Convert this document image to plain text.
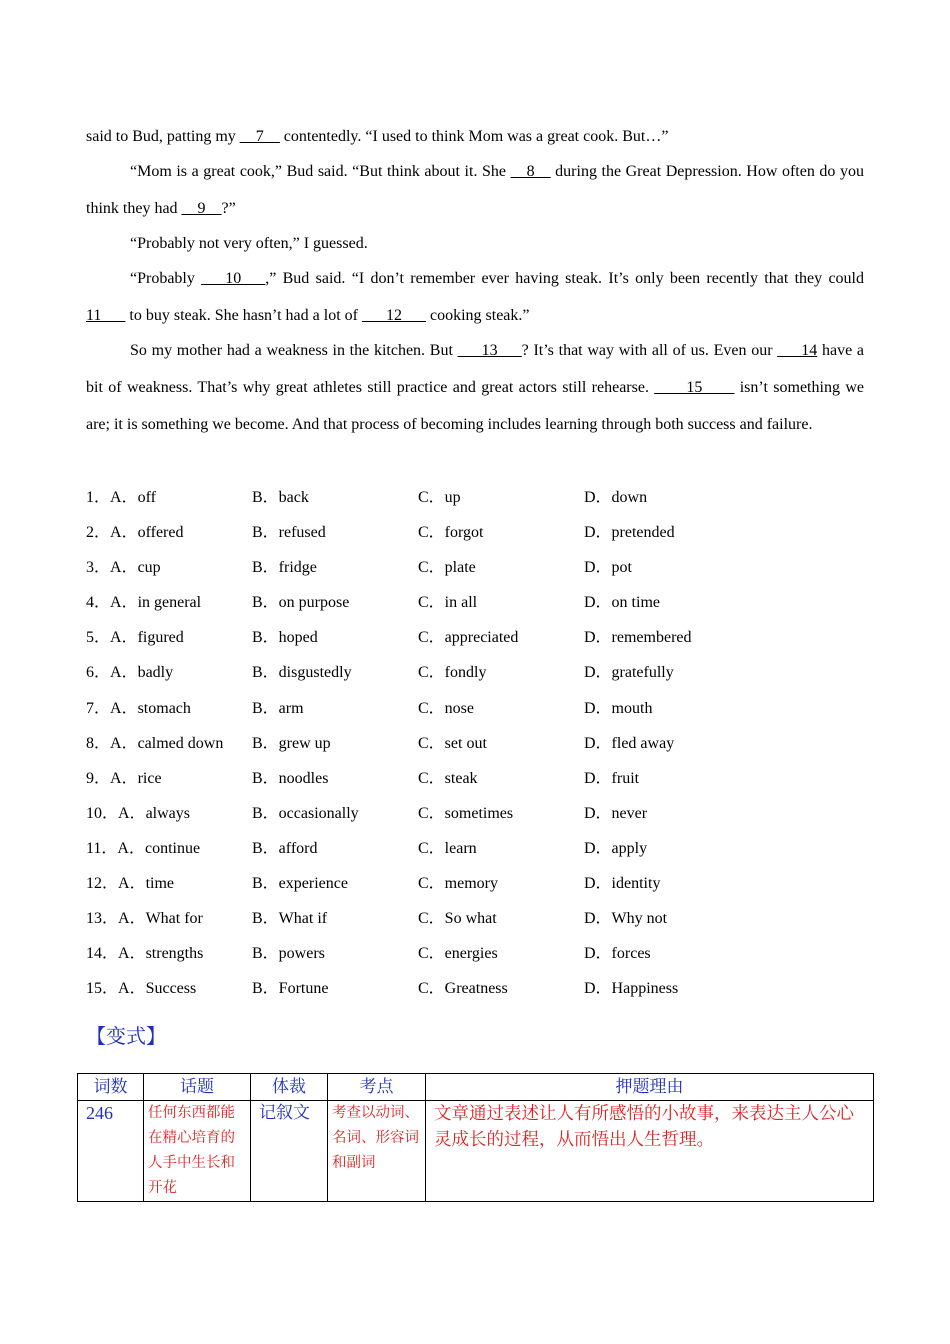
said to Bud, patting my __7__ contentedly. “I used to think Mom was a great cook. But…”
“Mom is a great cook,” Bud said. “But think about it. She __8__ during the Great Depression. How often do you think they had __9__?”
“Probably not very often,” I guessed.
“Probably ___10___,” Bud said. “I don’t remember ever having steak. It’s only been recently that they could 11___ to buy steak. She hasn’t had a lot of ___12___ cooking steak.”
So my mother had a weakness in the kitchen. But ___13___? It’s that way with all of us. Even our ___14 have a bit of weakness. That’s why great athletes still practice and great actors still rehearse. ____15____ isn’t something we are; it is something we become. And that process of becoming includes learning through both success and failure.
1．A．off	B．back	C．up	D．down
2．A．offered	B．refused	C．forgot	D．pretended
3．A．cup	B．fridge	C．plate	D．pot
4．A．in general	B．on purpose	C．in all	D．on time
5．A．figured	B．hoped	C．appreciated	D．remembered
6．A．badly	B．disgustedly	C．fondly	D．gratefully
7．A．stomach	B．arm	C．nose	D．mouth
8．A．calmed down B．grew up	C．set out	D．fled away
9．A．rice	B．noodles	C．steak	D．fruit
10．A．always	B．occasionally	C．sometimes	D．never
11．A．continue	B．afford	C．learn	D．apply
12．A．time	B．experience	C．memory	D．identity
13．A．What for	B．What if	C．So what	D．Why not
14．A．strengths	B．powers	C．energies	D．forces
15．A．Success	B．Fortune	C．Greatness	D．Happiness
【变式】
词数	话题	体裁	考点	押题理由
246	任何东西都能在精心培育的人手中生长和开花	记叙文	考查以动词、名词、形容词和副词	文章通过表述让人有所感悟的小故事，来表达主人公心灵成长的过程，从而悟出人生哲理。
